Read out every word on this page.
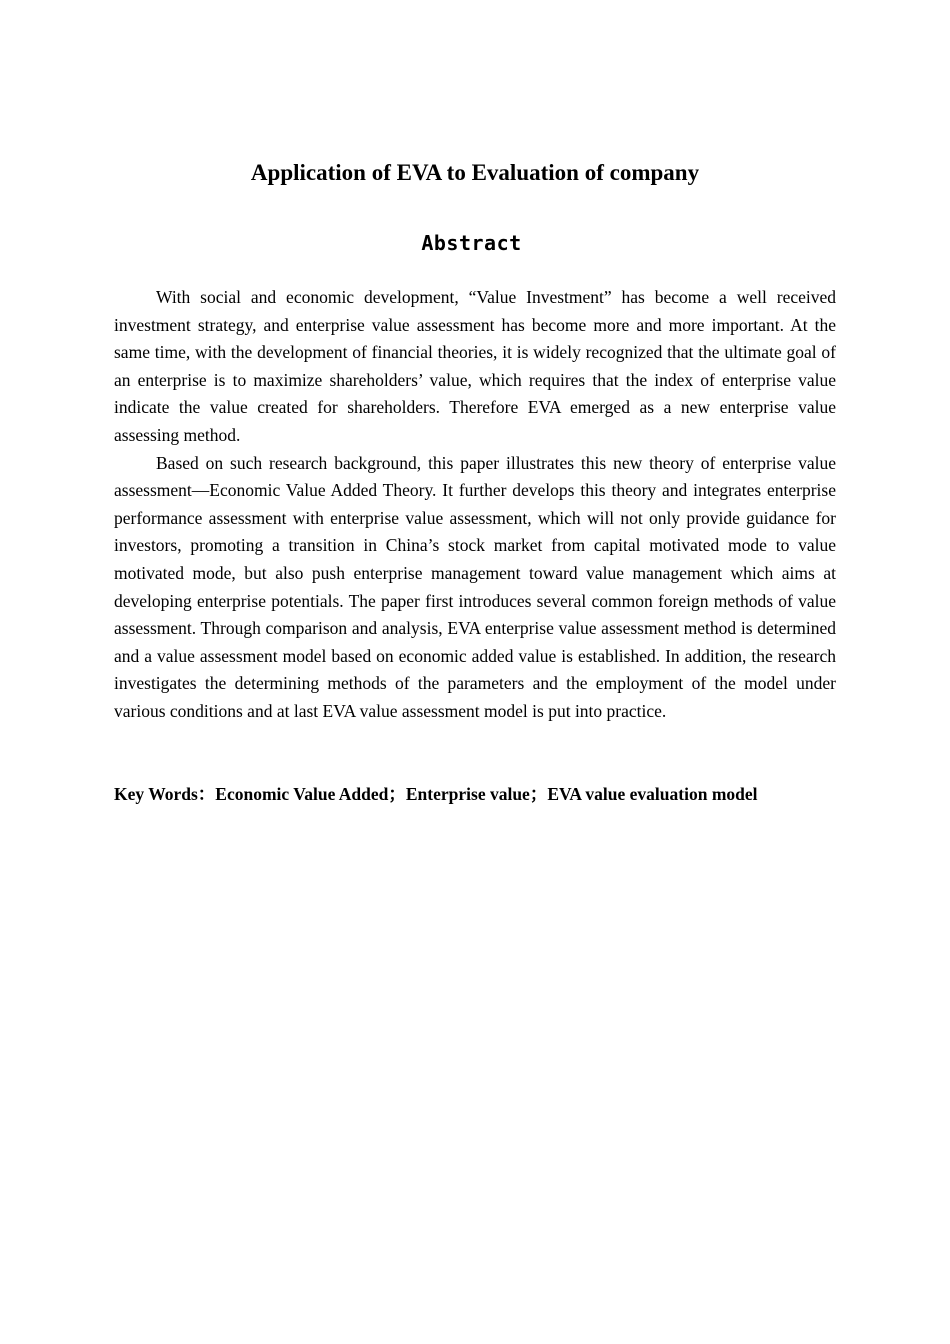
Application of EVA to Evaluation of company
Abstract

With social and economic development, “Value Investment” has become a well received investment strategy, and enterprise value assessment has become more and more important. At the same time, with the development of financial theories, it is widely recognized that the ultimate goal of an enterprise is to maximize shareholders’ value, which requires that the index of enterprise value indicate the value created for shareholders. Therefore EVA emerged as a new enterprise value assessing method.

Based on such research background, this paper illustrates this new theory of enterprise value assessment—Economic Value Added Theory. It further develops this theory and integrates enterprise performance assessment with enterprise value assessment, which will not only provide guidance for investors, promoting a transition in China’s stock market from capital motivated mode to value motivated mode, but also push enterprise management toward value management which aims at developing enterprise potentials. The paper first introduces several common foreign methods of value assessment. Through comparison and analysis, EVA enterprise value assessment method is determined and a value assessment model based on economic added value is established. In addition, the research investigates the determining methods of the parameters and the employment of the model under various conditions and at last EVA value assessment model is put into practice.

Key Words：Economic Value Added；Enterprise value；EVA value evaluation model
